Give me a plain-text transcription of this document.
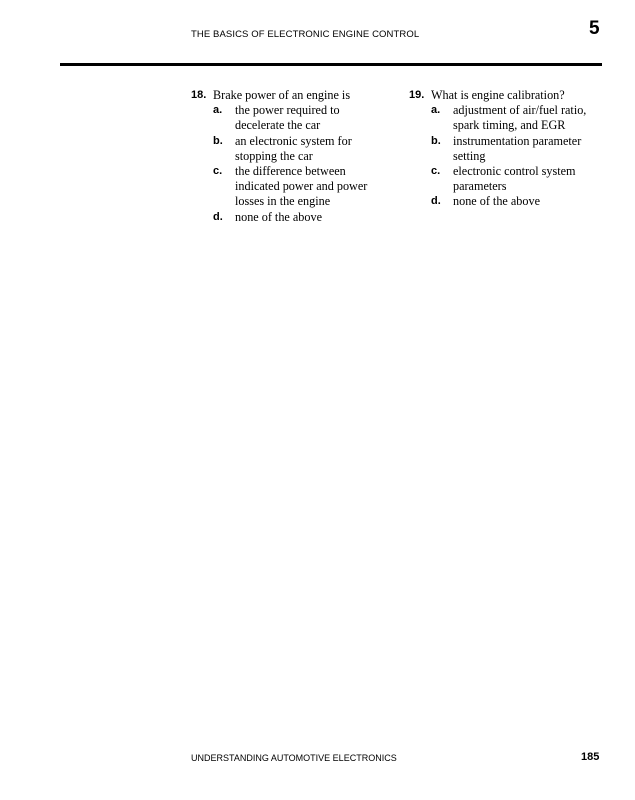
THE BASICS OF ELECTRONIC ENGINE CONTROL	5
18. Brake power of an engine is
a.	the power required to
decelerate the car
b.	an electronic system for
stopping the car
c.	the difference between
indicated power and power
losses in the engine
d.	none of the above
19. What is engine calibration?
a.	adjustment of air/fuel ratio,
spark timing, and EGR
b.	instrumentation parameter
setting
c.	electronic control system
parameters
d.	none of the above
UNDERSTANDING AUTOMOTIVE ELECTRONICS	185
